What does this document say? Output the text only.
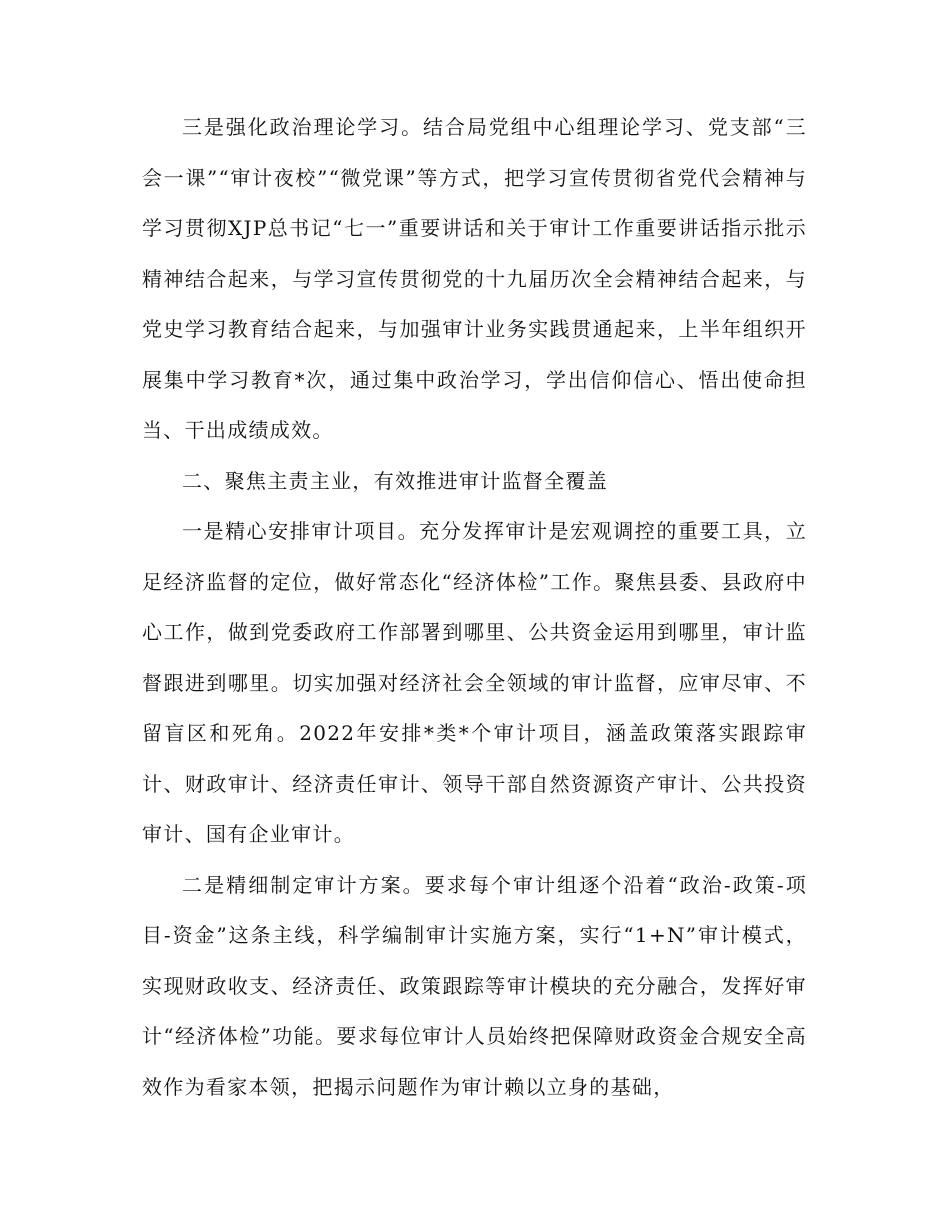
三是强化政治理论学习。结合局党组中心组理论学习、党支部“三会一课”“审计夜校”“微党课”等方式，把学习宣传贯彻省党代会精神与学习贯彻XJP总书记“七一”重要讲话和关于审计工作重要讲话指示批示精神结合起来，与学习宣传贯彻党的十九届历次全会精神结合起来，与党史学习教育结合起来，与加强审计业务实践贯通起来，上半年组织开展集中学习教育*次，通过集中政治学习，学出信仰信心、悟出使命担当、干出成绩成效。

二、聚焦主责主业，有效推进审计监督全覆盖

一是精心安排审计项目。充分发挥审计是宏观调控的重要工具，立足经济监督的定位，做好常态化“经济体检”工作。聚焦县委、县政府中心工作，做到党委政府工作部署到哪里、公共资金运用到哪里，审计监督跟进到哪里。切实加强对经济社会全领域的审计监督，应审尽审、不留盲区和死角。2022年安排*类*个审计项目，涵盖政策落实跟踪审计、财政审计、经济责任审计、领导干部自然资源资产审计、公共投资审计、国有企业审计。

二是精细制定审计方案。要求每个审计组逐个沿着“政治-政策-项目-资金”这条主线，科学编制审计实施方案，实行“1+N”审计模式，实现财政收支、经济责任、政策跟踪等审计模块的充分融合，发挥好审计“经济体检”功能。要求每位审计人员始终把保障财政资金合规安全高效作为看家本领，把揭示问题作为审计赖以立身的基础，
